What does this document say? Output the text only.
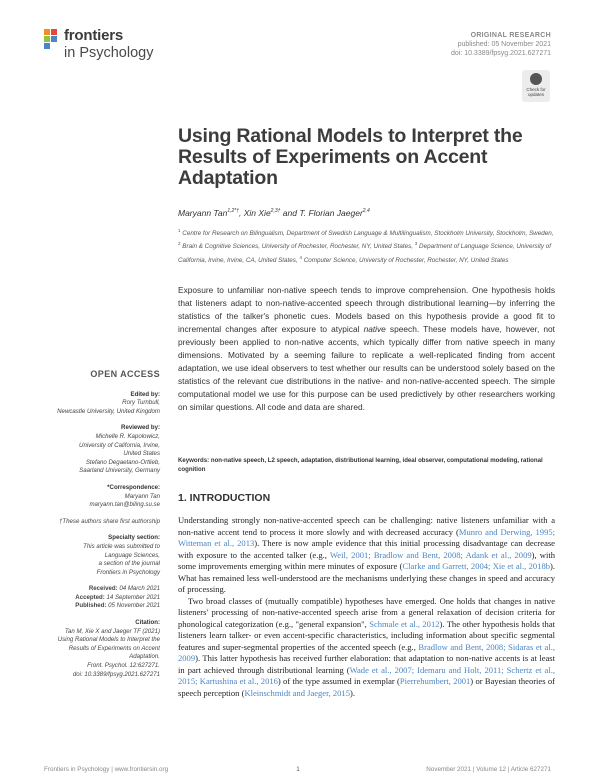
frontiers
in Psychology
ORIGINAL RESEARCH
published: 05 November 2021
doi: 10.3389/fpsyg.2021.627271
Check for updates
Using Rational Models to Interpret the Results of Experiments on Accent Adaptation
Maryann Tan$^{1,2*\dagger}$, Xin Xie$^{2,3\dagger}$ and T. Florian Jaeger$^{2,4}$
$^1$ Centre for Research on Bilingualism, Department of Swedish Language & Multilingualism, Stockholm University, Stockholm, Sweden, $^2$ Brain & Cognitive Sciences, University of Rochester, Rochester, NY, United States, $^3$ Department of Language Science, University of California, Irvine, Irvine, CA, United States, $^4$ Computer Science, University of Rochester, Rochester, NY, United States

Exposure to unfamiliar non-native speech tends to improve comprehension. One hypothesis holds that listeners adapt to non-native-accented speech through distributional learning—by inferring the statistics of the talker's phonetic cues. Models based on this hypothesis provide a good fit to incremental changes after exposure to atypical native speech. These models have, however, not previously been applied to non-native accents, which typically differ from native speech in many dimensions. Motivated by a seeming failure to replicate a well-replicated finding from accent adaptation, we use ideal observers to test whether our results can be understood solely based on the statistics of the relevant cue distributions in the native- and non-native-accented speech. The simple computational model we use for this purpose can be used predictively by other researchers working on similar questions. All code and data are shared.

Keywords: non-native speech, L2 speech, adaptation, distributional learning, ideal observer, computational modeling, rational cognition
1. INTRODUCTION

Understanding strongly non-native-accented speech can be challenging: native listeners unfamiliar with a non-native accent tend to process it more slowly and with decreased accuracy (Munro and Derwing, 1995; Witteman et al., 2013). There is now ample evidence that this initial processing disadvantage can decrease with exposure to the accented talker (e.g., Weil, 2001; Bradlow and Bent, 2008; Adank et al., 2009), with some improvements emerging within mere minutes of exposure (Clarke and Garrett, 2004; Xie et al., 2018b). What has remained less well-understood are the mechanisms underlying these changes in speed and accuracy of processing.

Two broad classes of (mutually compatible) hypotheses have emerged. One holds that changes in native listeners' processing of non-native-accented speech arise from a general relaxation of decision criteria for phonological categorization (e.g., "general expansion", Schmale et al., 2012). The other hypothesis holds that listeners learn talker- or even accent-specific characteristics, including information about specific segmental features and super-segmental properties of the accented speech (e.g., Bradlow and Bent, 2008; Sidaras et al., 2009). This latter hypothesis has received further elaboration: that adaptation to non-native accents is at least in part achieved through distributional learning (Wade et al., 2007; Idemaru and Holt, 2011; Schertz et al., 2015; Kartushina et al., 2016) of the type assumed in exemplar (Pierrehumbert, 2001) or Bayesian theories of speech perception (Kleinschmidt and Jaeger, 2015).

OPEN ACCESS
Edited by:
Rory Turnbull,
Newcastle University, United Kingdom
Reviewed by:
Michelle R. Kapolowicz,
University of California, Irvine,
United States
Stefano Degaetano-Ortlieb,
Saarland University, Germany
*Correspondence:
Maryann Tan
maryann.tan@biling.su.se
†These authors share first authorship
Specialty section:
This article was submitted to
Language Sciences,
a section of the journal
Frontiers in Psychology
Received: 04 March 2021
Accepted: 14 September 2021
Published: 05 November 2021
Citation:
Tan M, Xie X and Jaeger TF (2021)
Using Rational Models to Interpret the
Results of Experiments on Accent
Adaptation.
Front. Psychol. 12:627271.
doi: 10.3389/fpsyg.2021.627271
Frontiers in Psychology | www.frontiersin.org	1	November 2021 | Volume 12 | Article 627271
